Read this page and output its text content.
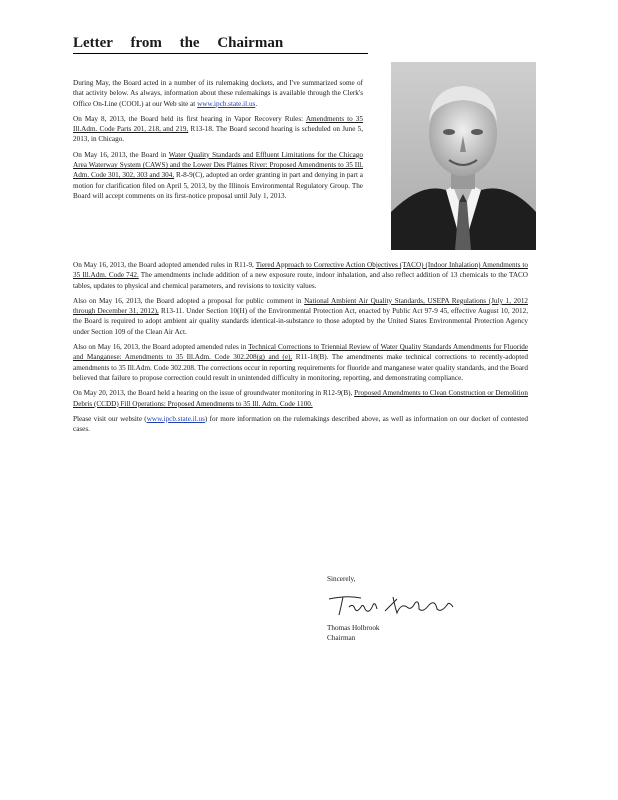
Letter from the Chairman

During May, the Board acted in a number of its rulemaking dockets, and I've summarized some of that activity below. As always, information about these rulemakings is available through the Clerk's Office On-Line (COOL) at our Web site at www.ipcb.state.il.us.

On May 8, 2013, the Board held its first hearing in Vapor Recovery Rules: Amendments to 35 Ill.Adm. Code Parts 201, 218, and 219, R13-18. The Board second hearing is scheduled on June 5, 2013, in Chicago.

On May 16, 2013, the Board in Water Quality Standards and Effluent Limitations for the Chicago Area Waterway System (CAWS) and the Lower Des Plaines River: Proposed Amendments to 35 Ill. Adm. Code 301, 302, 303 and 304, R-8-9(C), adopted an order granting in part and denying in part a motion for clarification filed on April 5, 2013, by the Illinois Environmental Regulatory Group. The Board will accept comments on its first-notice proposal until July 1, 2013.

On May 16, 2013, the Board adopted amended rules in R11-9, Tiered Approach to Corrective Action Objectives (TACO) (Indoor Inhalation) Amendments to 35 Ill.Adm. Code 742. The amendments include addition of a new exposure route, indoor inhalation, and also reflect addition of 13 chemicals to the TACO tables, updates to physical and chemical parameters, and revisions to toxicity values.

Also on May 16, 2013, the Board adopted a proposal for public comment in National Ambient Air Quality Standards, USEPA Regulations (July 1, 2012 through December 31, 2012), R13-11. Under Section 10(H) of the Environmental Protection Act, enacted by Public Act 97-9 45, effective August 10, 2012, the Board is required to adopt ambient air quality standards identical-in-substance to those adopted by the United States Environmental Protection Agency under Section 109 of the Clean Air Act.

Also on May 16, 2013, the Board adopted amended rules in Technical Corrections to Triennial Review of Water Quality Standards Amendments for Fluoride and Manganese: Amendments to 35 Ill.Adm. Code 302.208(g) and (e), R11-18(B). The amendments make technical corrections to recently-adopted amendments to 35 Ill.Adm. Code 302.208. The corrections occur in reporting requirements for fluoride and manganese water quality standards, and the Board believed that failure to propose correction could result in unintended difficulty in monitoring, reporting, and demonstrating compliance.

On May 20, 2013, the Board held a hearing on the issue of groundwater monitoring in R12-9(B), Proposed Amendments to Clean Construction or Demolition Debris (CCDD) Fill Operations: Proposed Amendments to 35 Ill. Adm. Code 1100.

Please visit our website (www.ipcb.state.il.us) for more information on the rulemakings described above, as well as information on our docket of contested cases.

Sincerely,
Thomas Holbrook
Chairman
